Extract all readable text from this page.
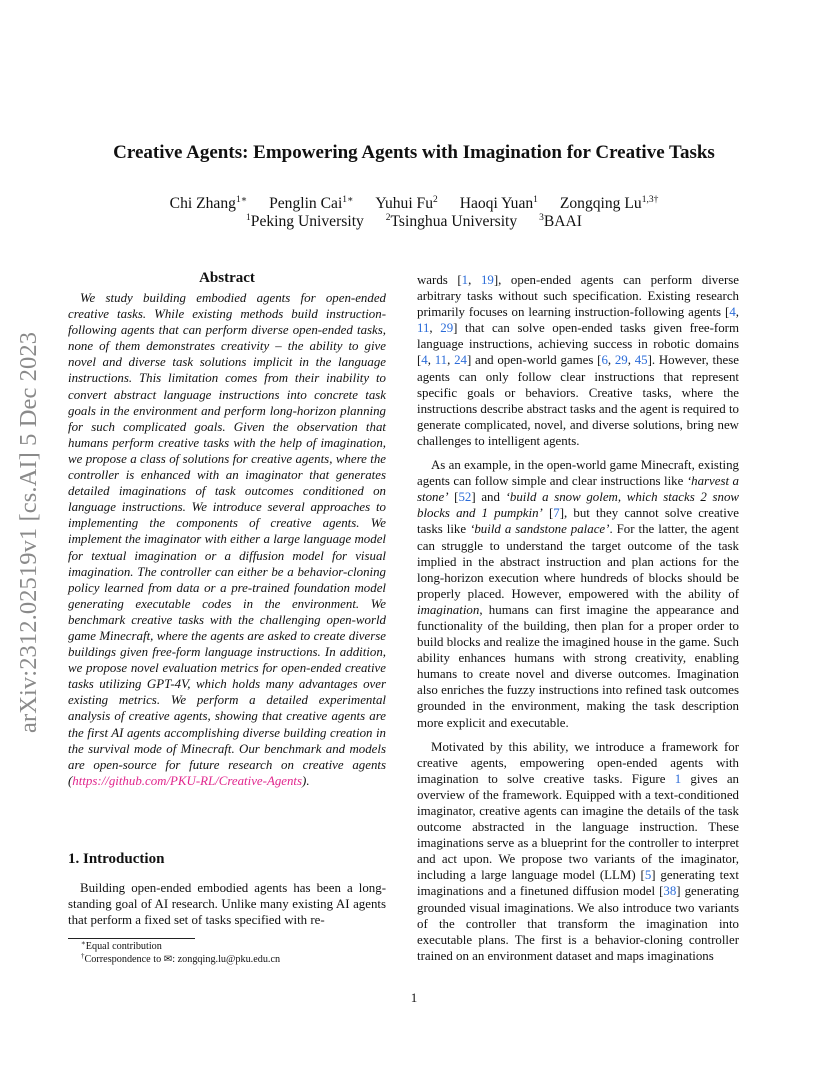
arXiv:2312.02519v1 [cs.AI] 5 Dec 2023
Creative Agents: Empowering Agents with Imagination for Creative Tasks
Chi Zhang$^{1∗}$ Penglin Cai$^{1∗}$ Yuhui Fu$^2$ Haoqi Yuan$^1$ Zongqing $Lu^{1,3\dagger}$
$^1$Peking University $^2$Tsinghua University $^3$BAAI
Abstract

We study building embodied agents for open-ended creative tasks. While existing methods build instruction-following agents that can perform diverse open-ended tasks, none of them demonstrates creativity – the ability to give novel and diverse task solutions implicit in the language instructions. This limitation comes from their inability to convert abstract language instructions into concrete task goals in the environment and perform long-horizon planning for such complicated goals. Given the observation that humans perform creative tasks with the help of imagination, we propose a class of solutions for creative agents, where the controller is enhanced with an imaginator that generates detailed imaginations of task outcomes conditioned on language instructions. We introduce several approaches to implementing the components of creative agents. We implement the imaginator with either a large language model for textual imagination or a diffusion model for visual imagination. The controller can either be a behavior-cloning policy learned from data or a pre-trained foundation model generating executable codes in the environment. We benchmark creative tasks with the challenging open-world game Minecraft, where the agents are asked to create diverse buildings given free-form language instructions. In addition, we propose novel evaluation metrics for open-ended creative tasks utilizing GPT-4V, which holds many advantages over existing metrics. We perform a detailed experimental analysis of creative agents, showing that creative agents are the first AI agents accomplishing diverse building creation in the survival mode of Minecraft. Our benchmark and models are open-source for future research on creative agents (https://github.com/PKU-RL/Creative-Agents).

1. Introduction

Building open-ended embodied agents has been a long-standing goal of AI research. Unlike many existing AI agents that perform a fixed set of tasks specified with re-

∗Equal contribution
†Correspondence to ✉: zongqing.lu@pku.edu.cn

wards [1, 19], open-ended agents can perform diverse arbitrary tasks without such specification. Existing research primarily focuses on learning instruction-following agents [4, 11, 29] that can solve open-ended tasks given free-form language instructions, achieving success in robotic domains [4, 11, 24] and open-world games [6, 29, 45]. However, these agents can only follow clear instructions that represent specific goals or behaviors. Creative tasks, where the instructions describe abstract tasks and the agent is required to generate complicated, novel, and diverse solutions, bring new challenges to intelligent agents.

As an example, in the open-world game Minecraft, existing agents can follow simple and clear instructions like ‘harvest a stone’ [52] and ‘build a snow golem, which stacks 2 snow blocks and 1 pumpkin’ [7], but they cannot solve creative tasks like ‘build a sandstone palace’. For the latter, the agent can struggle to understand the target outcome of the task implied in the abstract instruction and plan actions for the long-horizon execution where hundreds of blocks should be properly placed. However, empowered with the ability of imagination, humans can first imagine the appearance and functionality of the building, then plan for a proper order to build blocks and realize the imagined house in the game. Such ability enhances humans with strong creativity, enabling humans to create novel and diverse outcomes. Imagination also enriches the fuzzy instructions into refined task outcomes grounded in the environment, making the task description more explicit and executable.

Motivated by this ability, we introduce a framework for creative agents, empowering open-ended agents with imagination to solve creative tasks. Figure 1 gives an overview of the framework. Equipped with a text-conditioned imaginator, creative agents can imagine the details of the task outcome abstracted in the language instruction. These imaginations serve as a blueprint for the controller to interpret and act upon. We propose two variants of the imaginator, including a large language model (LLM) [5] generating text imaginations and a finetuned diffusion model [38] generating grounded visual imaginations. We also introduce two variants of the controller that transform the imagination into executable plans. The first is a behavior-cloning controller trained on an environment dataset and maps imaginations

1
